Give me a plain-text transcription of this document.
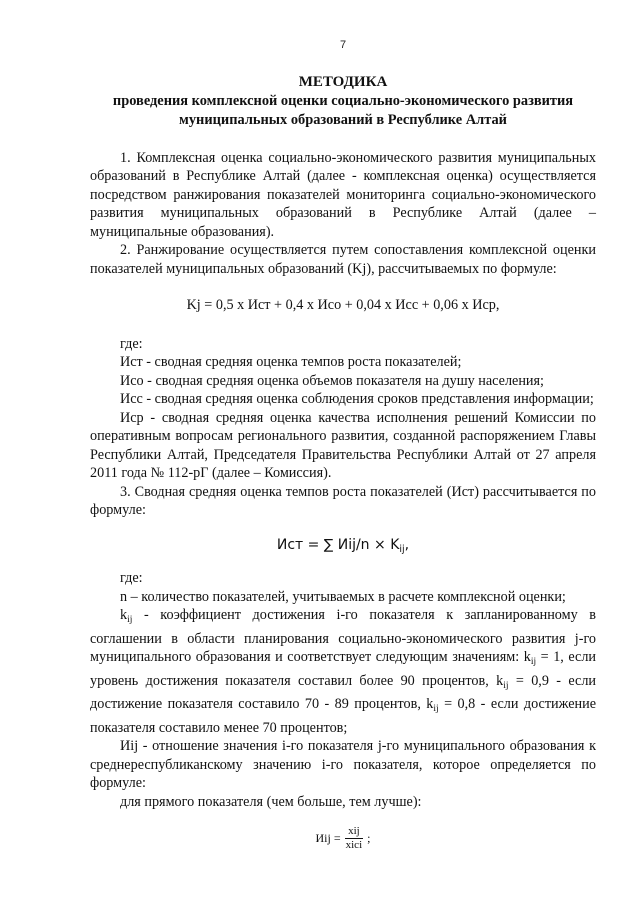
7
МЕТОДИКА
проведения комплексной оценки социально-экономического развития
муниципальных образований в Республике Алтай

1. Комплексная оценка социально-экономического развития муниципальных образований в Республике Алтай (далее - комплексная оценка) осуществляется посредством ранжирования показателей мониторинга социально-экономического развития муниципальных образований в Республике Алтай (далее – муниципальные образования).

2. Ранжирование осуществляется путем сопоставления комплексной оценки показателей муниципальных образований (Kj), рассчитываемых по формуле:

Kj = 0,5 x Ист + 0,4 x Исо + 0,04 x Исс + 0,06 x Иср,

где:

Ист - сводная средняя оценка темпов роста показателей;

Исо - сводная средняя оценка объемов показателя на душу населения;

Исс - сводная средняя оценка соблюдения сроков представления информации;

Иср - сводная средняя оценка качества исполнения решений Комиссии по оперативным вопросам регионального развития, созданной распоряжением Главы Республики Алтай, Председателя Правительства Республики Алтай от 27 апреля 2011 года № 112-рГ (далее – Комиссия).

3. Сводная средняя оценка темпов роста показателей (Ист) рассчитывается по формуле:

Ист = ∑ $Иij/n \times K_{ij}$,

где:

n – количество показателей, учитываемых в расчете комплексной оценки;

$k_{ij}$ - коэффициент достижения i-го показателя к запланированному в соглашении в области планирования социально-экономического развития j-го муниципального образования и соответствует следующим значениям: $k_{ij} = 1$, если уровень достижения показателя составил более 90 процентов, $k_{ij} = 0,9$ - если достижение показателя составило 70 - 89 процентов, $k_{ij} = 0,8$ - если достижение показателя составило менее 70 процентов;

Иij - отношение значения i-го показателя j-го муниципального образования к среднереспубликанскому значению i-го показателя, которое определяется по формуле:

для прямого показателя (чем больше, тем лучше):

Иij = $\frac{\text{xij}}{\text{xici}}$ ;
